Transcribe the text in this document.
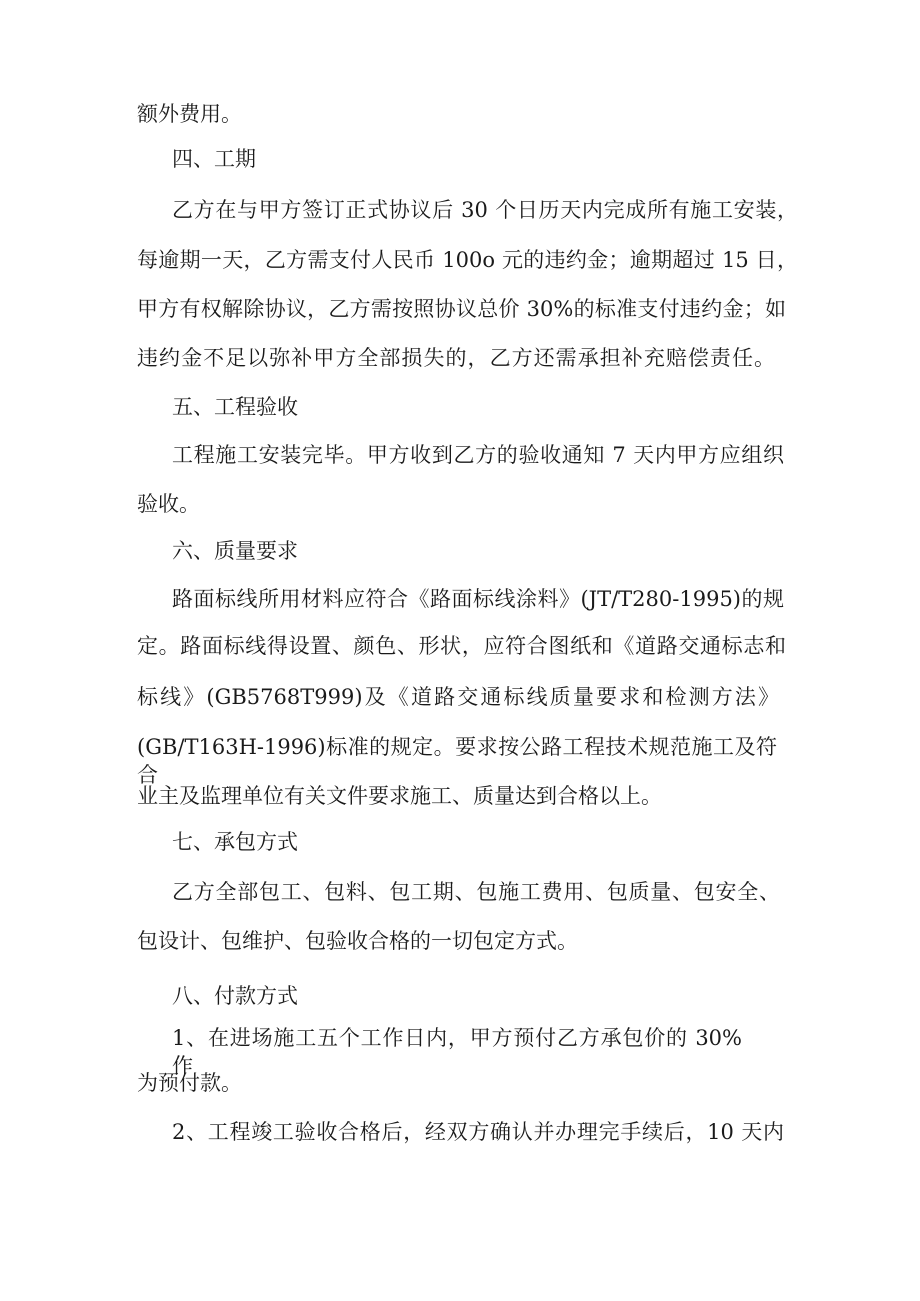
额外费用。
四、工期
乙方在与甲方签订正式协议后 30 个日历天内完成所有施工安装，
每逾期一天，乙方需支付人民币 100o 元的违约金；逾期超过 15 日，
甲方有权解除协议，乙方需按照协议总价 30%的标准支付违约金；如
违约金不足以弥补甲方全部损失的，乙方还需承担补充赔偿责任。
五、工程验收
工程施工安装完毕。甲方收到乙方的验收通知 7 天内甲方应组织
验收。
六、质量要求
路面标线所用材料应符合《路面标线涂料》(JT/T280-1995)的规
定。路面标线得设置、颜色、形状，应符合图纸和《道路交通标志和
标线》(GB5768T999)及《道路交通标线质量要求和检测方法》
(GB/T163H-1996)标准的规定。要求按公路工程技术规范施工及符合
业主及监理单位有关文件要求施工、质量达到合格以上。
七、承包方式
乙方全部包工、包料、包工期、包施工费用、包质量、包安全、
包设计、包维护、包验收合格的一切包定方式。
八、付款方式
1、在进场施工五个工作日内，甲方预付乙方承包价的 30%作
为预付款。
2、工程竣工验收合格后，经双方确认并办理完手续后，10 天内
